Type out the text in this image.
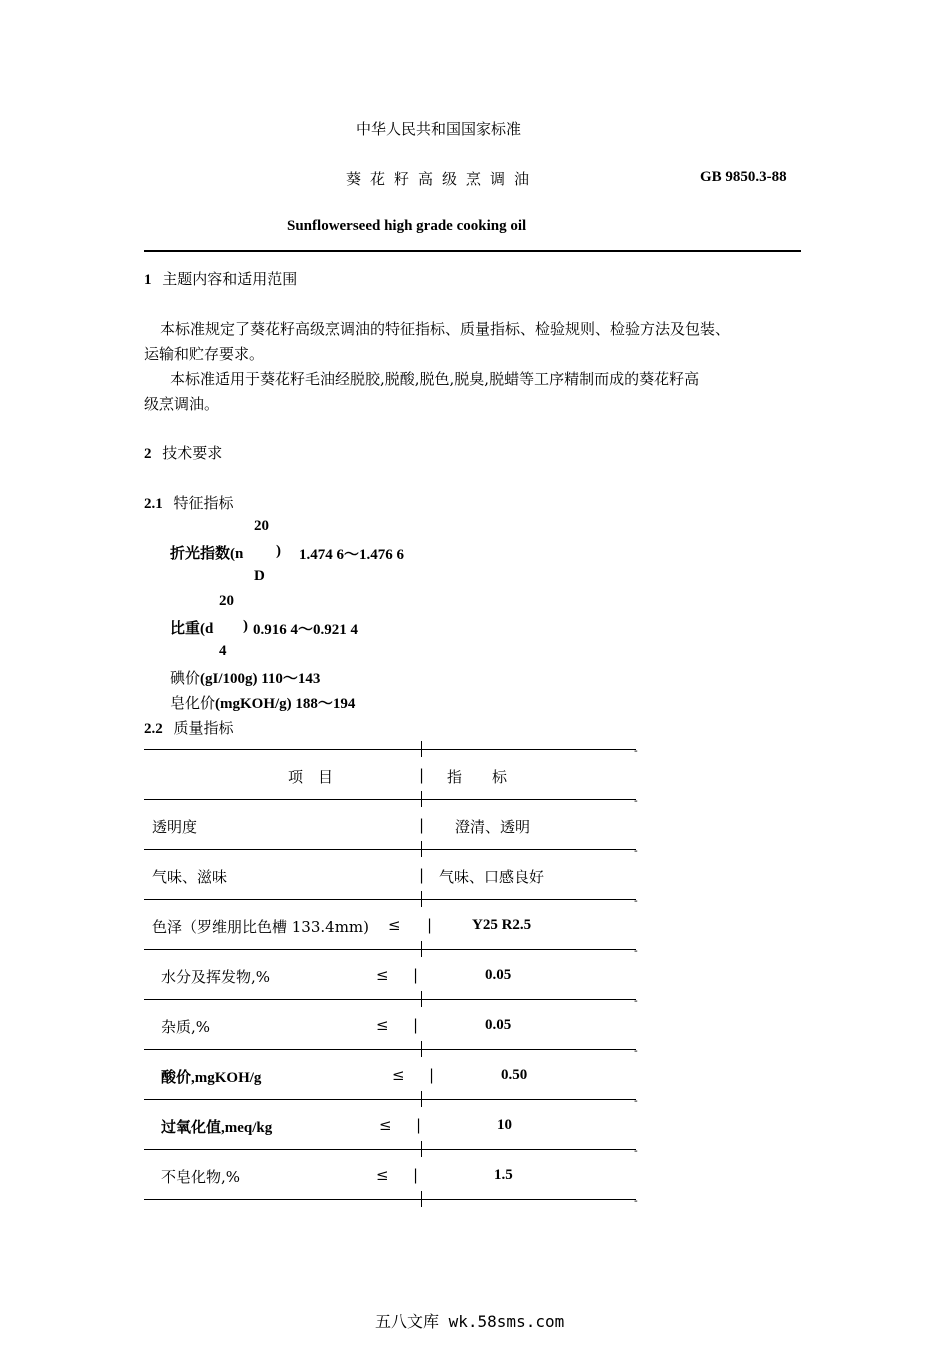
中华人民共和国国家标准
葵花籽高级烹调油	GB 9850.3-88
Sunflowerseed high grade cooking oil
1 主题内容和适用范围
本标准规定了葵花籽高级烹调油的特征指标、质量指标、检验规则、检验方法及包装、
运输和贮存要求。
本标准适用于葵花籽毛油经脱胶,脱酸,脱色,脱臭,脱蜡等工序精制而成的葵花籽高
级烹调油。
2 技术要求
2.1 特征指标
20
折光指数(n ) 1.474 6～1.476 6
D
20
比重(d ) 0.916 4～0.921 4
4
碘价(gI/100g) 110～143
皂化价(mgKOH/g) 188～194
2.2 质量指标
-
项　目	| 指　　标
-
透明度	| 澄清、透明
-
气味、滋味	| 气味、口感良好
-
色泽（罗维朋比色槽 133.4mm) ≤ |	Y25 R2.5
-
水分及挥发物,%	≤ |	0.05
-
杂质,%	≤ |	0.05
-
酸价,mgKOH/g	≤ |	0.50
-
过氧化值,meq/kg	≤ |	10
-
不皂化物,%	≤ |	1.5
-
五八文库 wk.58sms.com
